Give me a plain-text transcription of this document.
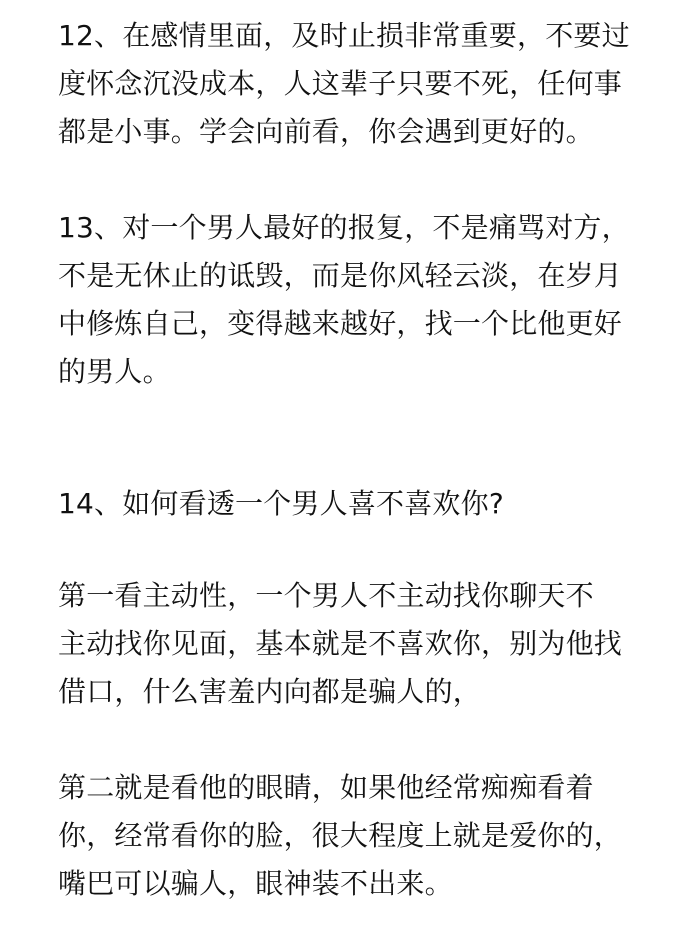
12、在感情里面，及时止损非常重要，不要过
度怀念沉没成本，人这辈子只要不死，任何事
都是小事。学会向前看，你会遇到更好的。

13、对一个男人最好的报复，不是痛骂对方，
不是无休止的诋毁，而是你风轻云淡，在岁月
中修炼自己，变得越来越好，找一个比他更好
的男人。

14、如何看透一个男人喜不喜欢你?

第一看主动性，一个男人不主动找你聊天不
主动找你见面，基本就是不喜欢你，别为他找
借口，什么害羞内向都是骗人的，

第二就是看他的眼睛，如果他经常痴痴看着
你，经常看你的脸，很大程度上就是爱你的，
嘴巴可以骗人，眼神装不出来。
